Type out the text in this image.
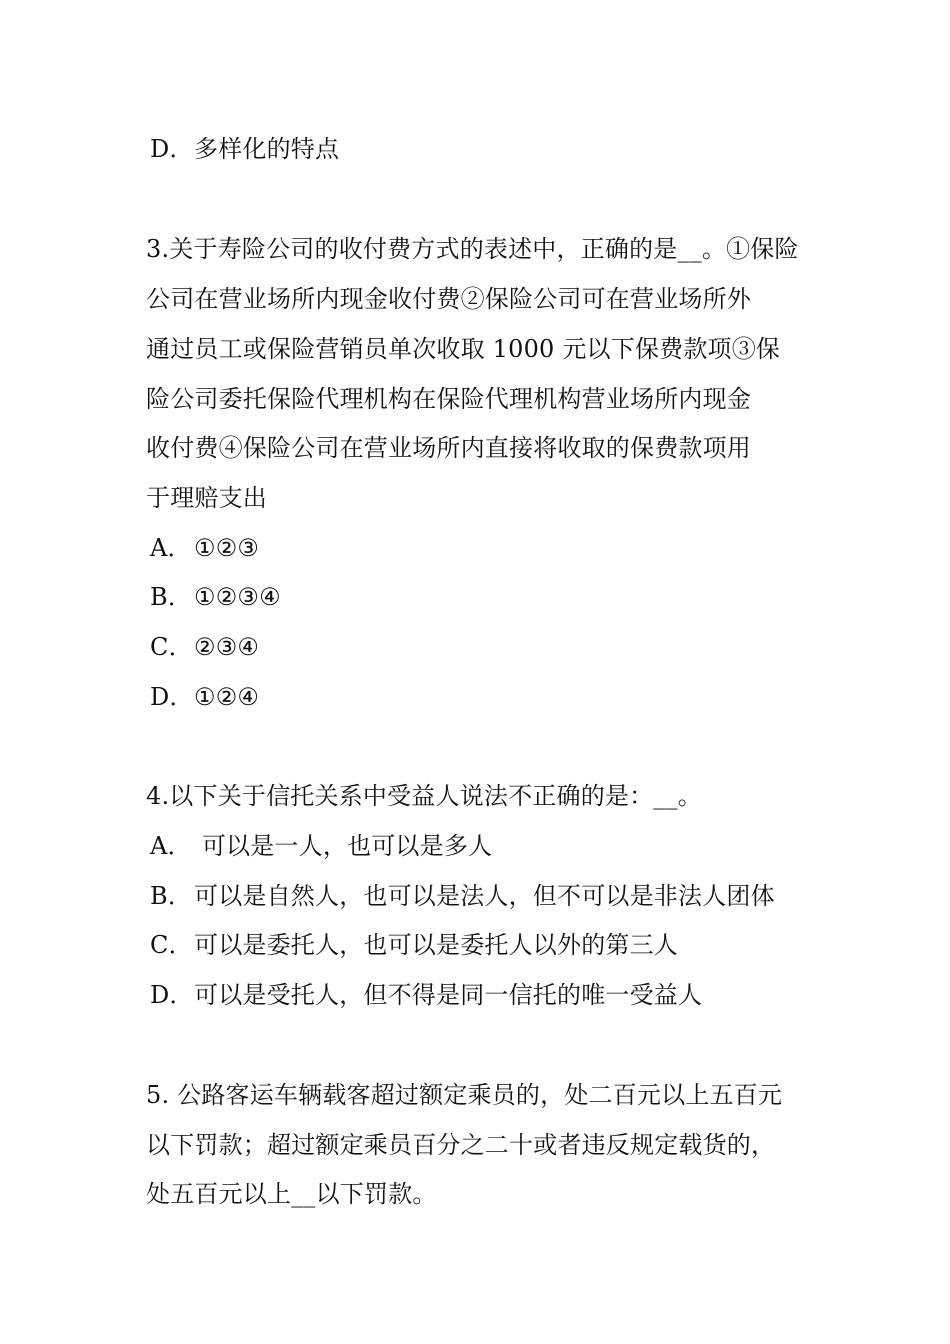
D．多样化的特点
3.关于寿险公司的收付费方式的表述中，正确的是__。①保险
公司在营业场所内现金收付费②保险公司可在营业场所外
通过员工或保险营销员单次收取 1000 元以下保费款项③保
险公司委托保险代理机构在保险代理机构营业场所内现金
收付费④保险公司在营业场所内直接将收取的保费款项用
于理赔支出
A．①②③
B．①②③④
C．②③④
D．①②④
4.以下关于信托关系中受益人说法不正确的是：__。
A． 可以是一人，也可以是多人
B．可以是自然人，也可以是法人，但不可以是非法人团体
C．可以是委托人，也可以是委托人以外的第三人
D．可以是受托人，但不得是同一信托的唯一受益人
5. 公路客运车辆载客超过额定乘员的，处二百元以上五百元
以下罚款；超过额定乘员百分之二十或者违反规定载货的，
处五百元以上__以下罚款。
